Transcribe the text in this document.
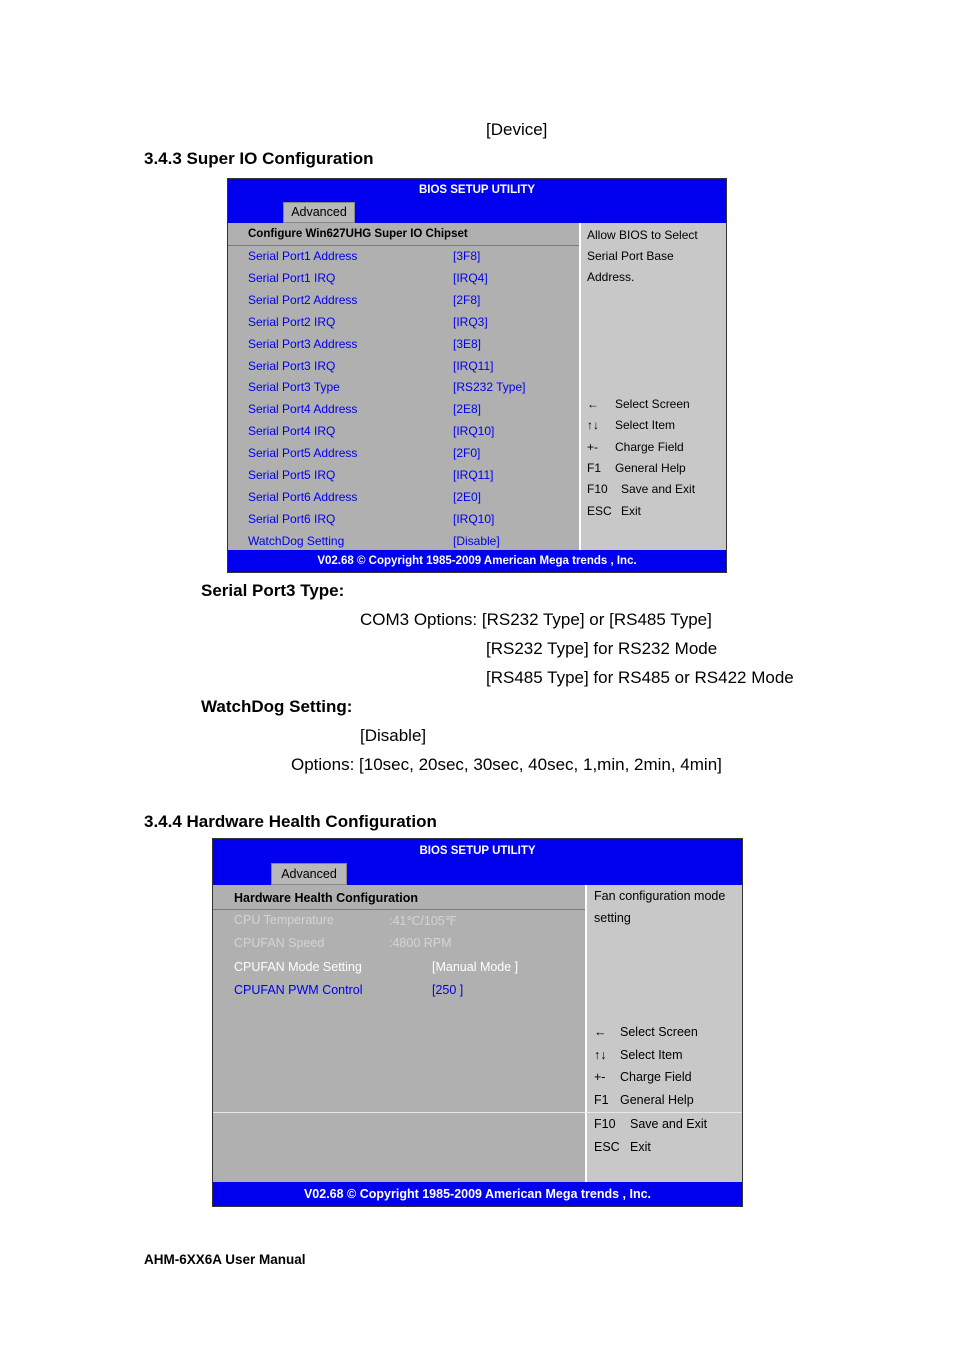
[Device]
3.4.3 Super IO Configuration
BIOS SETUP UTILITY
Advanced
Configure Win627UHG Super IO Chipset
Serial Port1 Address	[3F8]
Serial Port1 IRQ	[IRQ4]
Serial Port2 Address	[2F8]
Serial Port2 IRQ	[IRQ3]
Serial Port3 Address	[3E8]
Serial Port3 IRQ	[IRQ11]
Serial Port3 Type	[RS232 Type]
Serial Port4 Address	[2E8]
Serial Port4 IRQ	[IRQ10]
Serial Port5 Address	[2F0]
Serial Port5 IRQ	[IRQ11]
Serial Port6 Address	[2E0]
Serial Port6 IRQ	[IRQ10]
WatchDog Setting	[Disable]
Allow BIOS to Select
Serial Port Base
Address.
← Select Screen
↑↓ Select Item
+- Charge Field
F1 General Help
F10 Save and Exit
ESC Exit
V02.68 © Copyright 1985-2009 American Mega trends , Inc.
Serial Port3 Type:
COM3 Options: [RS232 Type] or [RS485 Type]
[RS232 Type] for RS232 Mode
[RS485 Type] for RS485 or RS422 Mode
WatchDog Setting:
[Disable]
Options: [10sec, 20sec, 30sec, 40sec, 1,min, 2min, 4min]
3.4.4 Hardware Health Configuration
BIOS SETUP UTILITY
Advanced
Hardware Health Configuration
CPU Temperature	:41℃/105℉
CPUFAN Speed	:4800 RPM
CPUFAN Mode Setting	[Manual Mode ]
CPUFAN PWM Control	[250 ]
Fan configuration mode
setting
← Select Screen
↑↓ Select Item
+- Charge Field
F1 General Help
F10 Save and Exit
ESC Exit
V02.68 © Copyright 1985-2009 American Mega trends , Inc.
AHM-6XX6A User Manual
